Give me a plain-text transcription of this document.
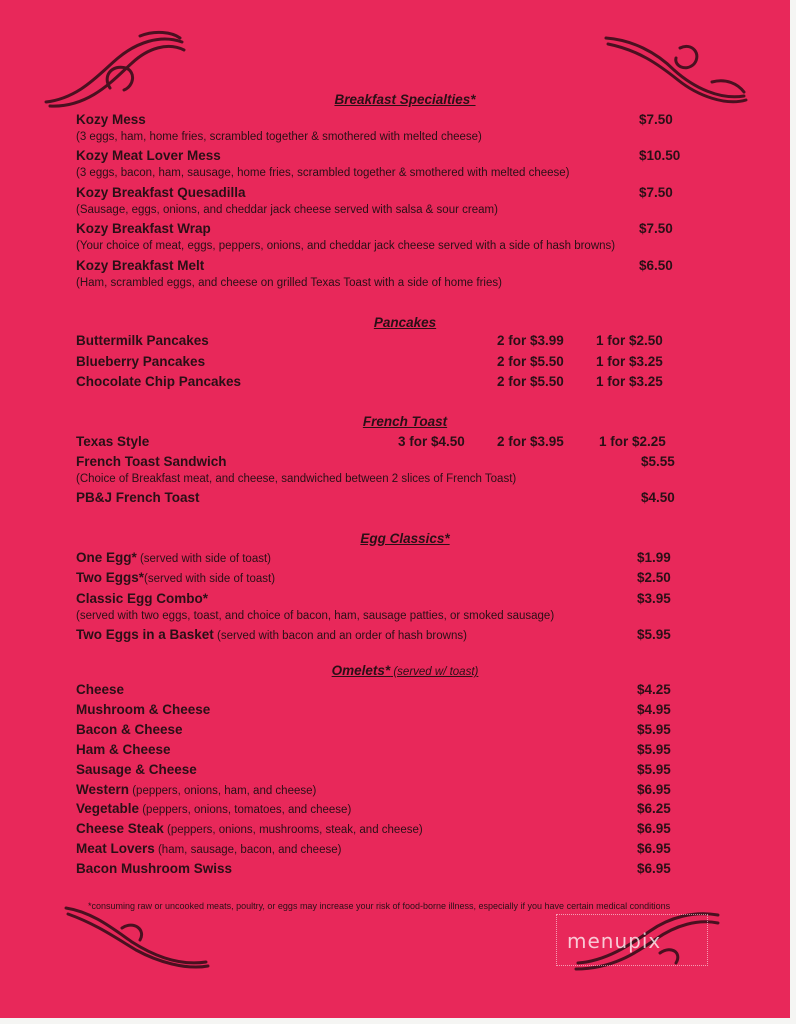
Breakfast Specialties*
Kozy Mess	$7.50
(3 eggs, ham, home fries, scrambled together & smothered with melted cheese)
Kozy Meat Lover Mess	$10.50
(3 eggs, bacon, ham, sausage, home fries, scrambled together & smothered with melted cheese)
Kozy Breakfast Quesadilla	$7.50
(Sausage, eggs, onions, and cheddar jack cheese served with salsa & sour cream)
Kozy Breakfast Wrap	$7.50
(Your choice of meat, eggs, peppers, onions, and cheddar jack cheese served with a side of hash browns)
Kozy Breakfast Melt	$6.50
(Ham, scrambled eggs, and cheese on grilled Texas Toast with a side of home fries)
Pancakes
Buttermilk Pancakes	2 for $3.99 1 for $2.50
Blueberry Pancakes	2 for $5.50 1 for $3.25
Chocolate Chip Pancakes	2 for $5.50 1 for $3.25
French Toast
Texas Style	3 for $4.50 2 for $3.95	1 for $2.25
French Toast Sandwich	$5.55
(Choice of Breakfast meat, and cheese, sandwiched between 2 slices of French Toast)
PB&J French Toast	$4.50
Egg Classics*
One Egg* (served with side of toast)	$1.99
Two Eggs*(served with side of toast)	$2.50
Classic Egg Combo*	$3.95
(served with two eggs, toast, and choice of bacon, ham, sausage patties, or smoked sausage)
Two Eggs in a Basket (served with bacon and an order of hash browns)	$5.95
Omelets* (served w/ toast)
Cheese	$4.25
Mushroom & Cheese	$4.95
Bacon & Cheese	$5.95
Ham & Cheese	$5.95
Sausage & Cheese	$5.95
Western (peppers, onions, ham, and cheese)	$6.95
Vegetable (peppers, onions, tomatoes, and cheese)	$6.25
Cheese Steak (peppers, onions, mushrooms, steak, and cheese)	$6.95
Meat Lovers (ham, sausage, bacon, and cheese)	$6.95
Bacon Mushroom Swiss	$6.95
*consuming raw or uncooked meats, poultry, or eggs may increase your risk of food-borne illness, especially if you have certain medical conditions
menupix
